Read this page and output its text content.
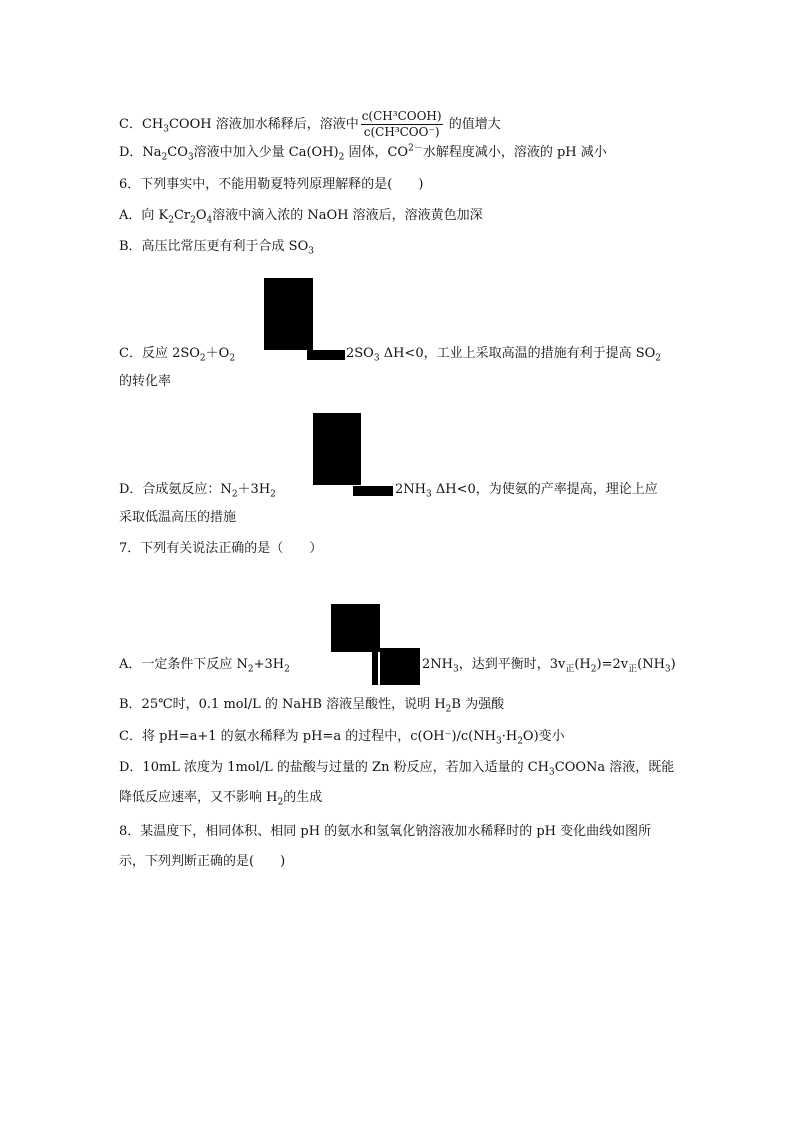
C．$CH_3COOH$ 溶液加水稀释后，溶液中 $\frac{\text{c(CH³COOH)}}{\text{c(CH³COO⁻)}}$ 的值增大
D．$Na_2CO_3$溶液中加入少量 $Ca(OH)_2$ 固体，$CO^{2-}$水解程度减小，溶液的 pH 减小
6．下列事实中，不能用勒夏特列原理解释的是(　　)
A．向 $K_2Cr_2O_4$溶液中滴入浓的 NaOH 溶液后，溶液黄色加深
B．高压比常压更有利于合成 $SO_3$
C．反应 $2SO_2+O_2$	$2SO_3$ ΔH<0，工业上采取高温的措施有利于提高 $SO_2$
的转化率
D．合成氨反应：$N_2+3H_2$	$2NH_3$ ΔH<0，为使氨的产率提高，理论上应
采取低温高压的措施
7．下列有关说法正确的是（　　）
A．一定条件下反应 $N_2+3H_2$	$2NH_3$，达到平衡时，$3v_正(H_2)=2v_正(NH_3)$
B．25℃时，0.1 mol/L 的 NaHB 溶液呈酸性，说明 $H_2B$ 为强酸
C．将 pH=a+1 的氨水稀释为 pH=a 的过程中，$c(OH^-)/c(NH_3\cdot H_2O)$变小
D．10mL 浓度为 1mol/L 的盐酸与过量的 Zn 粉反应，若加入适量的 $CH_3COONa$ 溶液，既能
降低反应速率，又不影响 $H_2$的生成
8．某温度下，相同体积、相同 pH 的氨水和氢氧化钠溶液加水稀释时的 pH 变化曲线如图所
示，下列判断正确的是(　　)
